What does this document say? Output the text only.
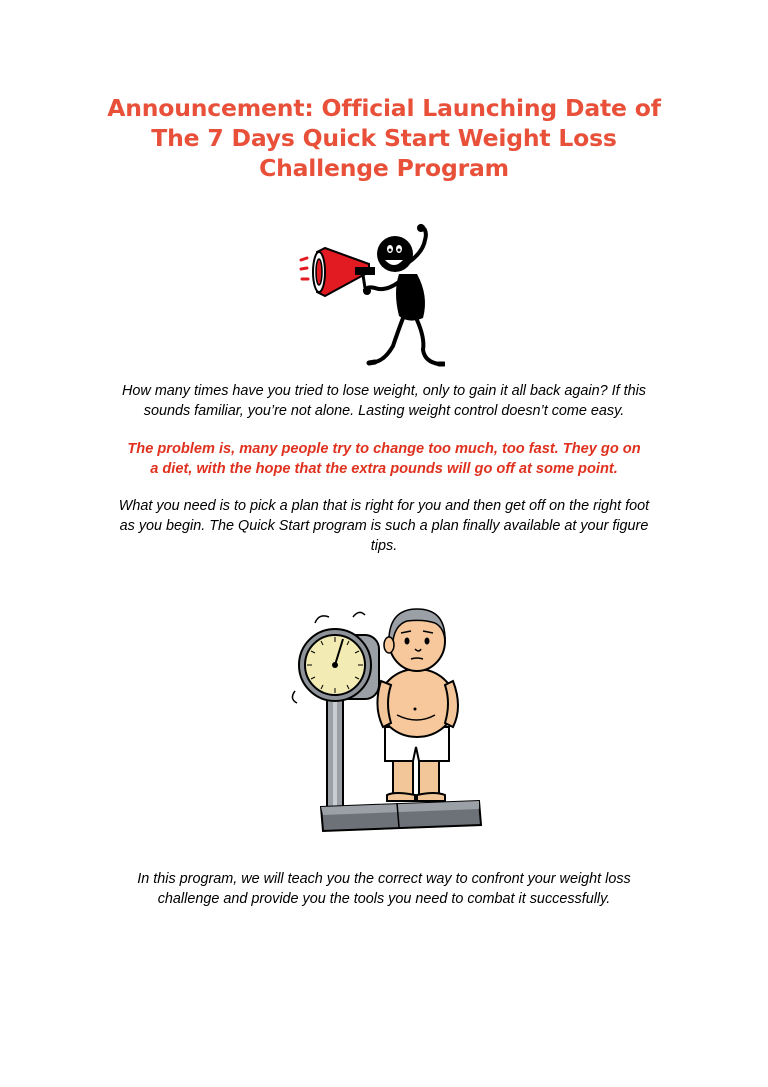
Announcement: Official Launching Date of
The 7 Days Quick Start Weight Loss
Challenge Program

How many times have you tried to lose weight, only to gain it all back again? If this
sounds familiar, you’re not alone. Lasting weight control doesn’t come easy.

The problem is, many people try to change too much, too fast. They go on
a diet, with the hope that the extra pounds will go off at some point.

What you need is to pick a plan that is right for you and then get off on the right foot
as you begin. The Quick Start program is such a plan finally available at your figure
tips.

In this program, we will teach you the correct way to confront your weight loss
challenge and provide you the tools you need to combat it successfully.
